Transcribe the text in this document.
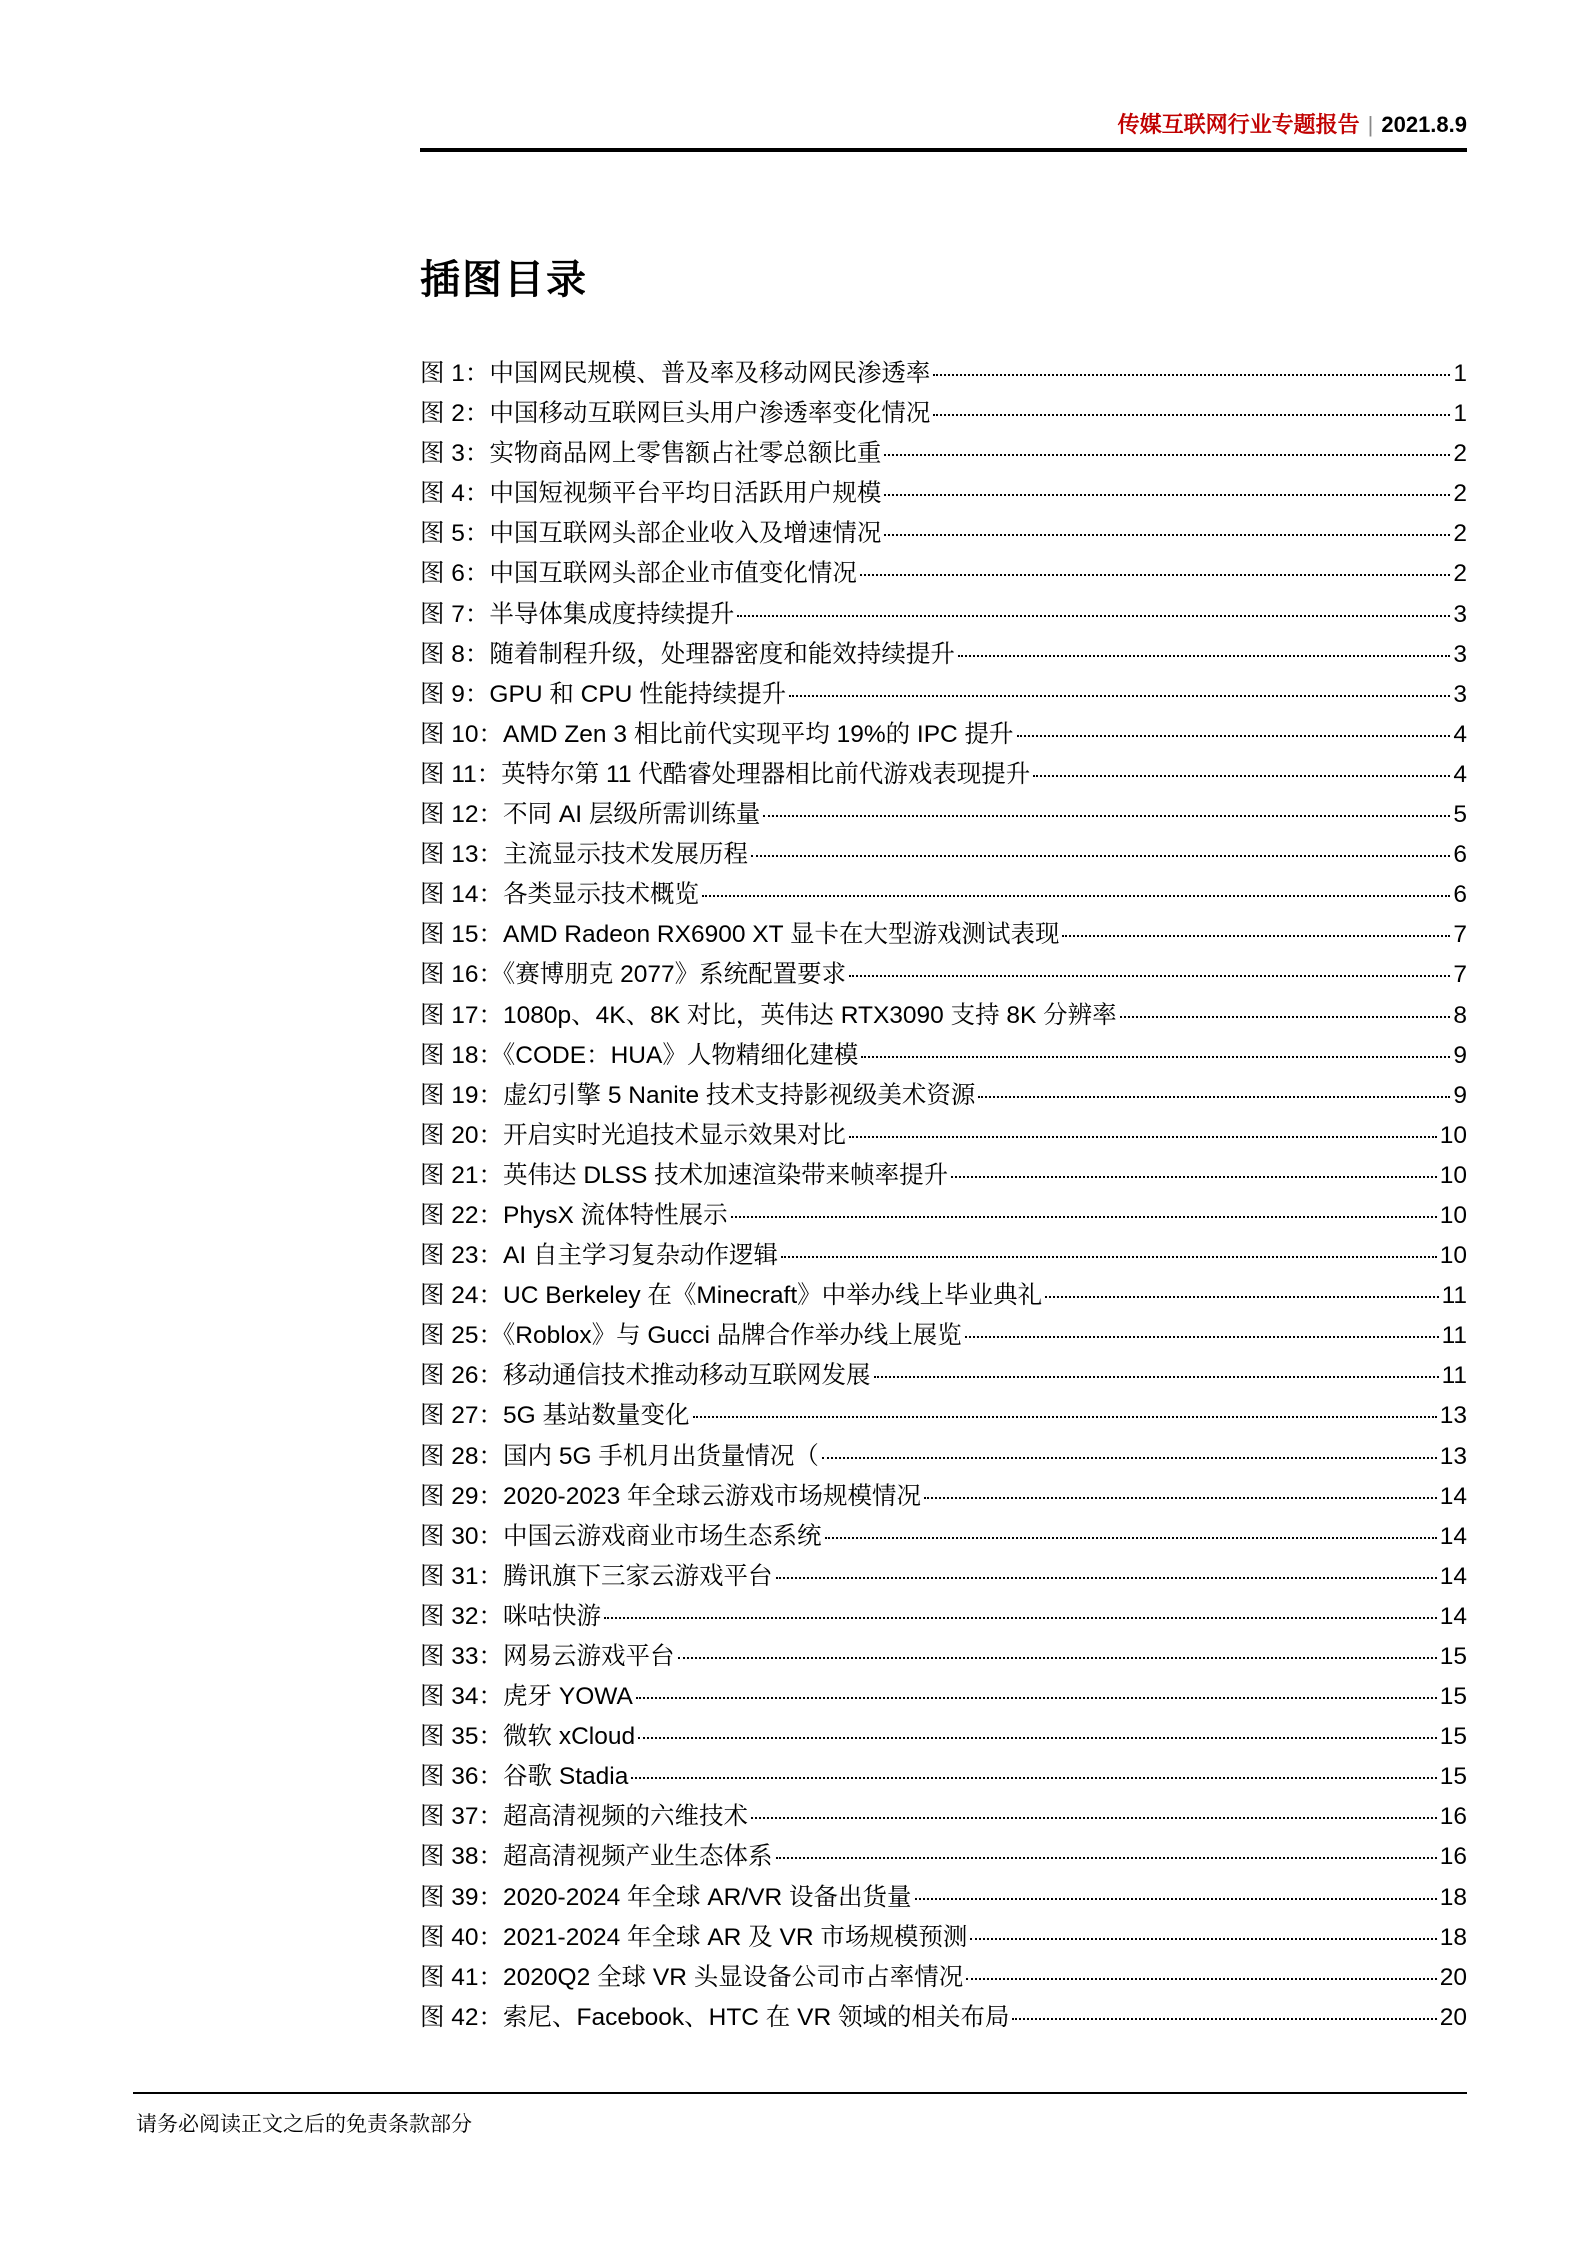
传媒互联网行业专题报告 | 2021.8.9
插图目录
图 1：中国网民规模、普及率及移动网民渗透率	1
图 2：中国移动互联网巨头用户渗透率变化情况	1
图 3：实物商品网上零售额占社零总额比重	2
图 4：中国短视频平台平均日活跃用户规模	2
图 5：中国互联网头部企业收入及增速情况	2
图 6：中国互联网头部企业市值变化情况	2
图 7：半导体集成度持续提升	3
图 8：随着制程升级，处理器密度和能效持续提升	3
图 9：GPU 和 CPU 性能持续提升	3
图 10：AMD Zen 3 相比前代实现平均 19%的 IPC 提升	4
图 11：英特尔第 11 代酷睿处理器相比前代游戏表现提升	4
图 12：不同 AI 层级所需训练量	5
图 13：主流显示技术发展历程	6
图 14：各类显示技术概览	6
图 15：AMD Radeon RX6900 XT 显卡在大型游戏测试表现	7
图 16：《赛博朋克 2077》系统配置要求	7
图 17：1080p、4K、8K 对比，英伟达 RTX3090 支持 8K 分辨率	8
图 18：《CODE：HUA》人物精细化建模	9
图 19：虚幻引擎 5 Nanite 技术支持影视级美术资源	9
图 20：开启实时光追技术显示效果对比	10
图 21：英伟达 DLSS 技术加速渲染带来帧率提升	10
图 22：PhysX 流体特性展示	10
图 23：AI 自主学习复杂动作逻辑	10
图 24：UC Berkeley 在《Minecraft》中举办线上毕业典礼	11
图 25：《Roblox》与 Gucci 品牌合作举办线上展览	11
图 26：移动通信技术推动移动互联网发展	11
图 27：5G 基站数量变化	13
图 28：国内 5G 手机月出货量情况（	13
图 29：2020-2023 年全球云游戏市场规模情况	14
图 30：中国云游戏商业市场生态系统	14
图 31：腾讯旗下三家云游戏平台	14
图 32：咪咕快游	14
图 33：网易云游戏平台	15
图 34：虎牙 YOWA	15
图 35：微软 xCloud	15
图 36：谷歌 Stadia	15
图 37：超高清视频的六维技术	16
图 38：超高清视频产业生态体系	16
图 39：2020-2024 年全球 AR/VR 设备出货量	18
图 40：2021-2024 年全球 AR 及 VR 市场规模预测	18
图 41：2020Q2 全球 VR 头显设备公司市占率情况	20
图 42：索尼、Facebook、HTC 在 VR 领域的相关布局	20
请务必阅读正文之后的免责条款部分
